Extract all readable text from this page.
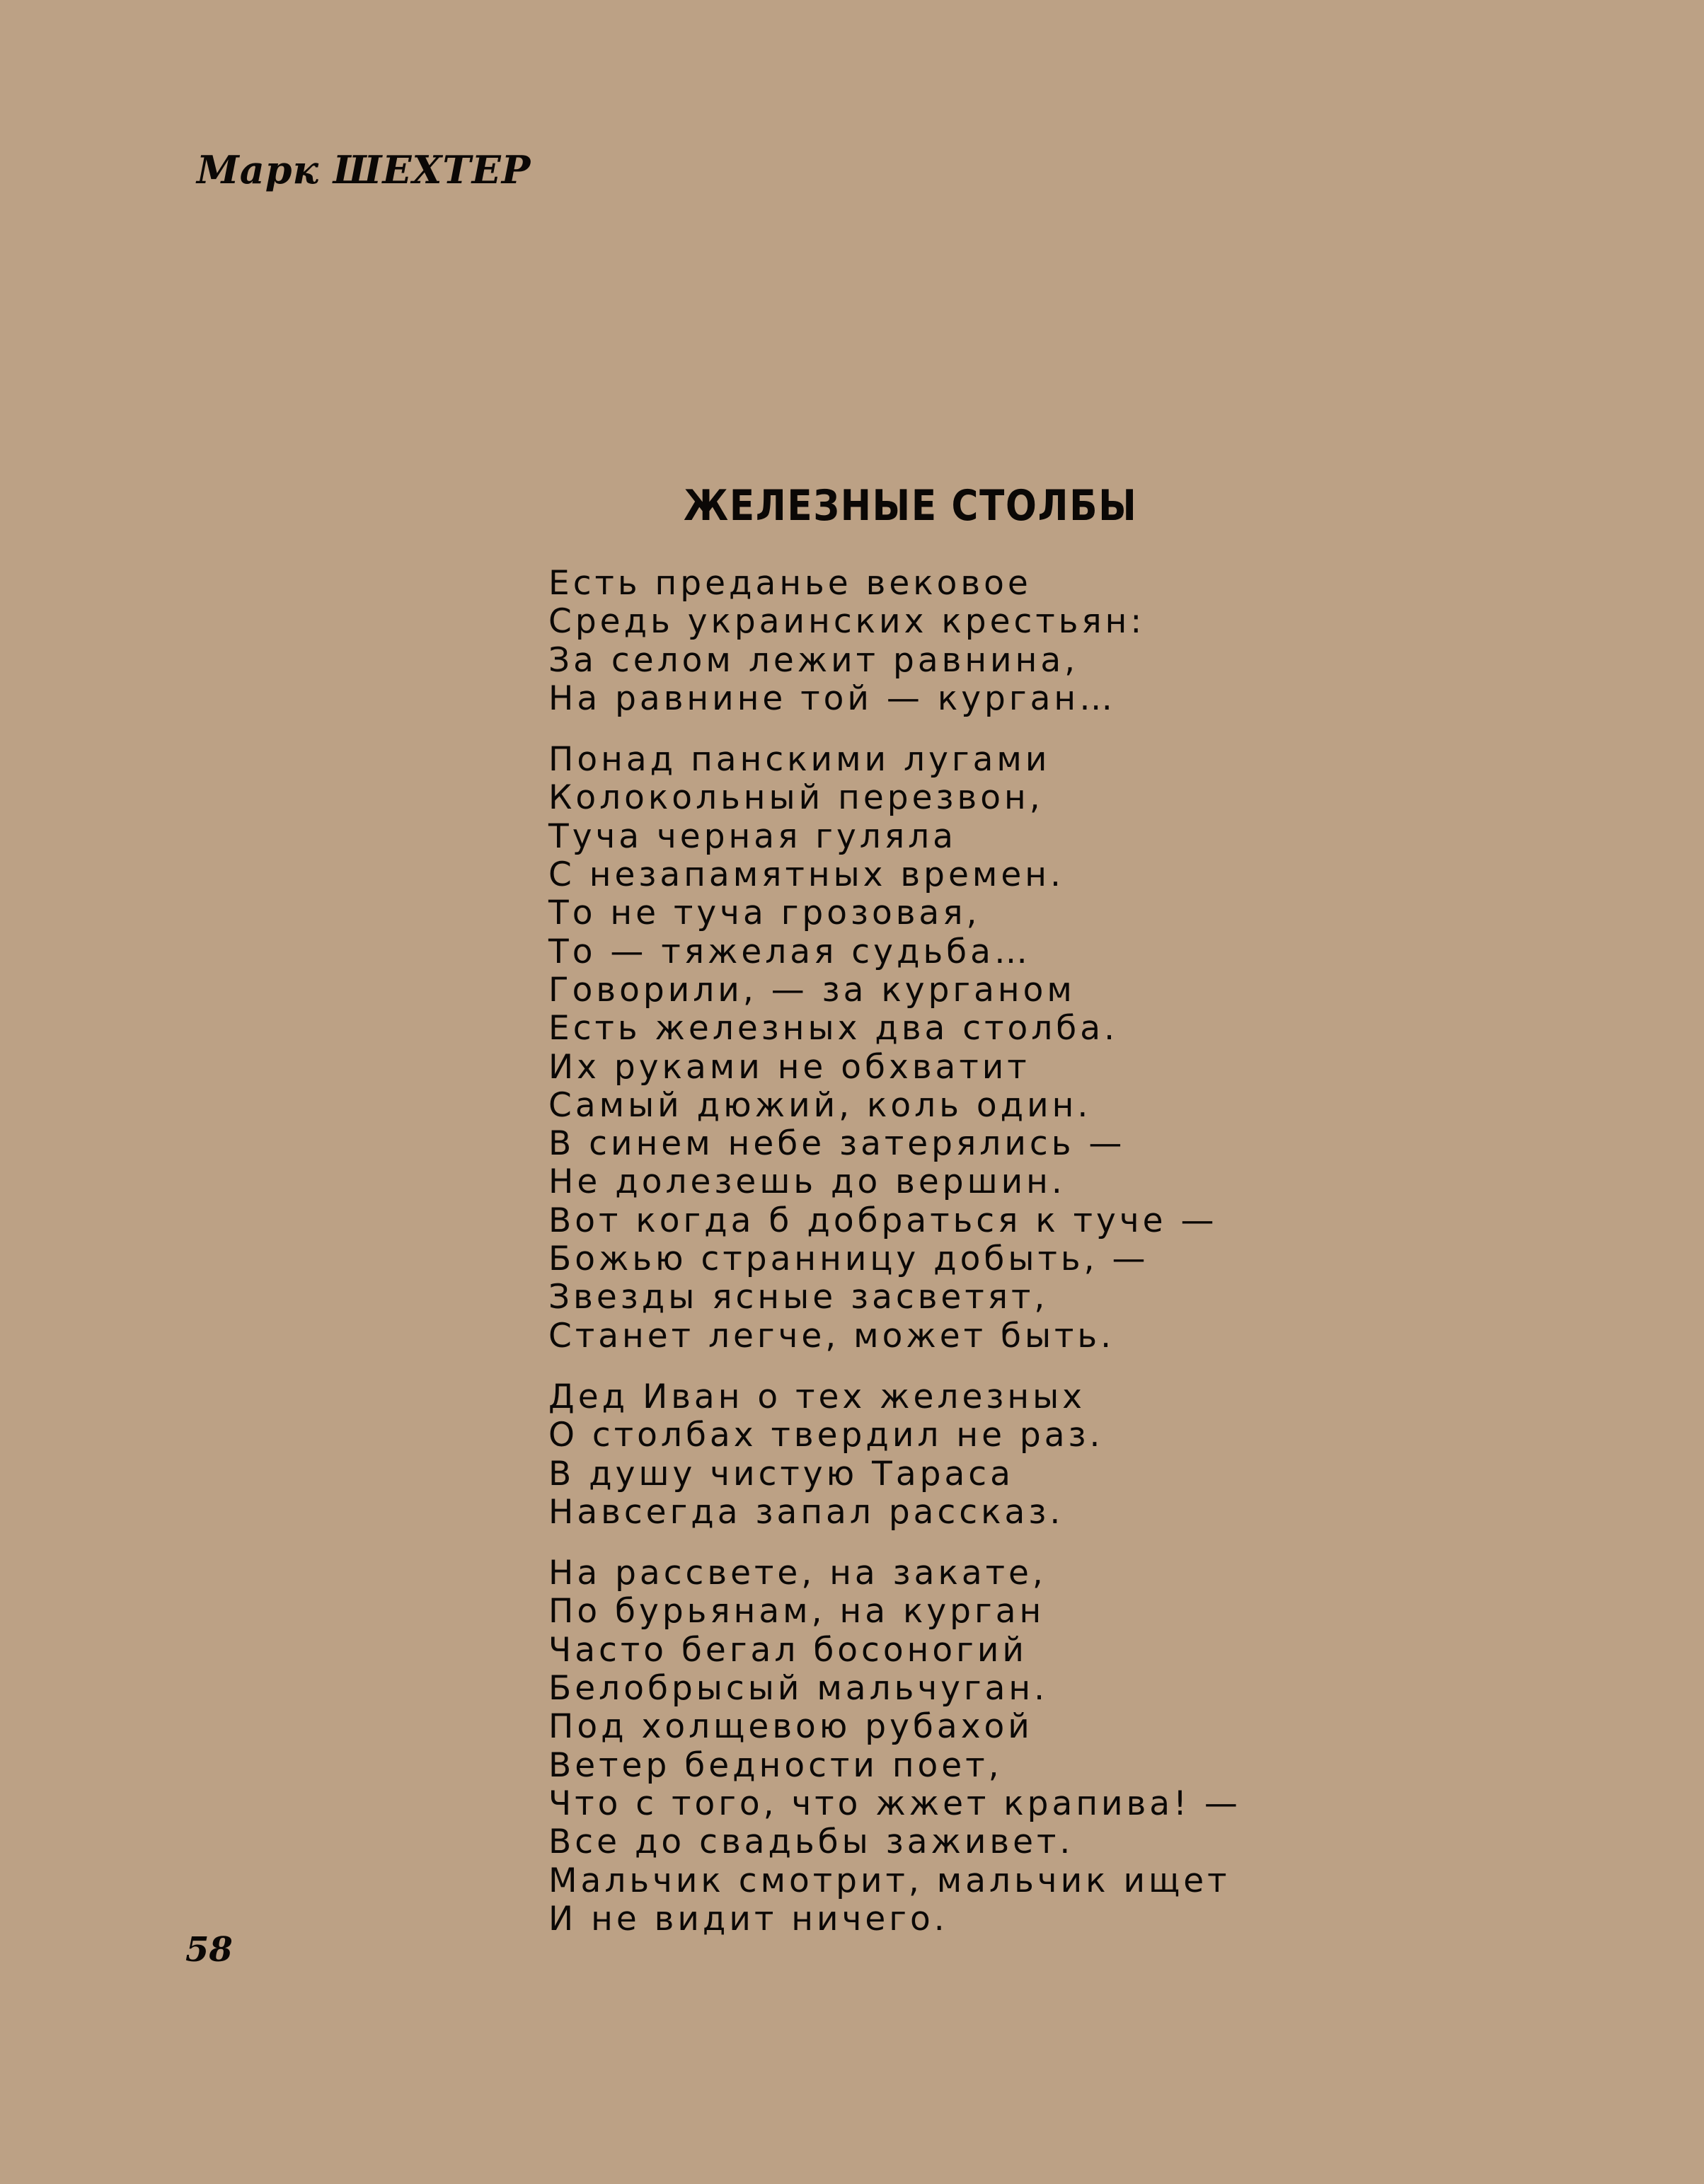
Марк ШЕХТЕР
ЖЕЛЕЗНЫЕ СТОЛБЫ
Есть преданье вековое
Средь украинских крестьян:
За селом лежит равнина,
На равнине той — курган…
Понад панскими лугами
Колокольный перезвон,
Туча черная гуляла
С незапамятных времен.
То не туча грозовая,
То — тяжелая судьба…
Говорили, — за курганом
Есть железных два столба.
Их руками не обхватит
Самый дюжий, коль один.
В синем небе затерялись —
Не долезешь до вершин.
Вот когда б добраться к туче —
Божью странницу добыть, —
Звезды ясные засветят,
Станет легче, может быть.
Дед Иван о тех железных
О столбах твердил не раз.
В душу чистую Тараса
Навсегда запал рассказ.
На рассвете, на закате,
По бурьянам, на курган
Часто бегал босоногий
Белобрысый мальчуган.
Под холщевою рубахой
Ветер бедности поет,
Что с того, что жжет крапива! —
Все до свадьбы заживет.
Мальчик смотрит, мальчик ищет
И не видит ничего.
58
